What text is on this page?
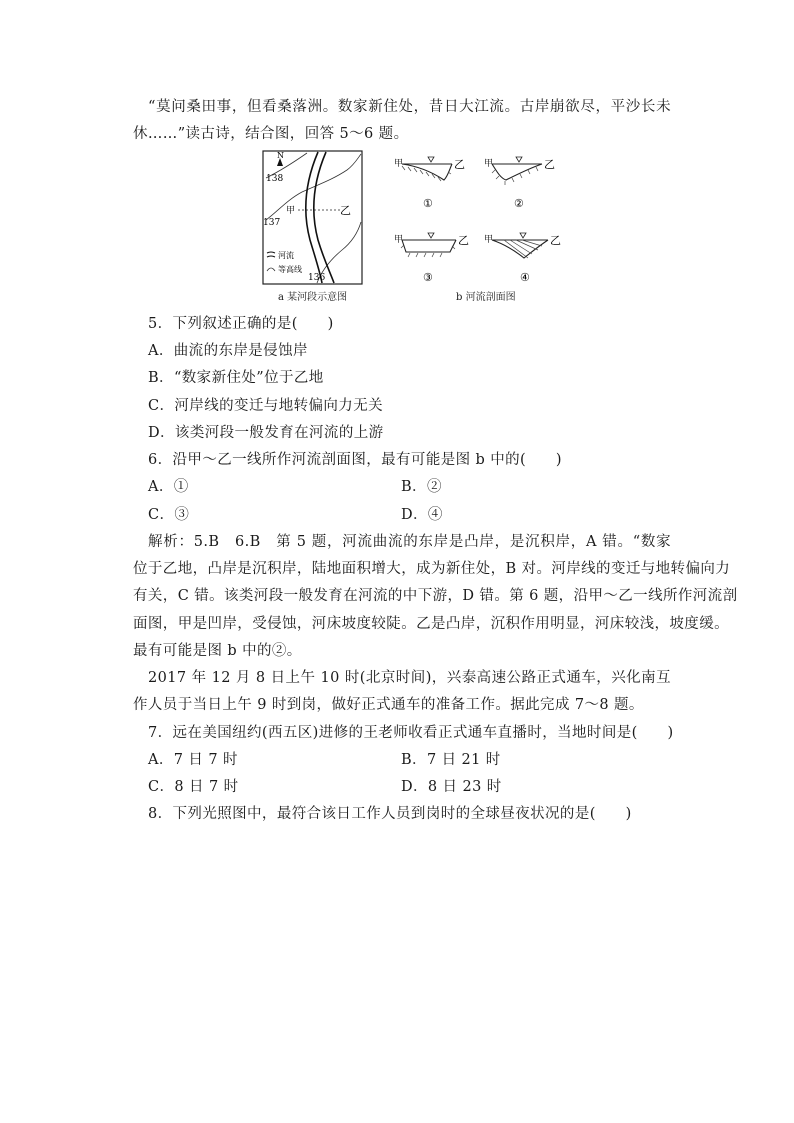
“莫问桑田事，但看桑落洲。数家新住处，昔日大江流。古岸崩欲尽，平沙长未
休……”读古诗，结合图，回答 5～6 题。
N
138
137
136
甲	乙
河流
等高线
a 某河段示意图
甲	乙
①
甲	乙
②
甲	乙
③
甲	乙
④
b 河流剖面图
5．下列叙述正确的是(　　)
A．曲流的东岸是侵蚀岸
B．“数家新住处”位于乙地
C．河岸线的变迁与地转偏向力无关
D．该类河段一般发育在河流的上游
6．沿甲～乙一线所作河流剖面图，最有可能是图 b 中的(　　)
A．①	B．②
C．③	D．④
解析：5.B　6.B　第 5 题，河流曲流的东岸是凸岸，是沉积岸，A 错。“数家
位于乙地，凸岸是沉积岸，陆地面积增大，成为新住处，B 对。河岸线的变迁与地转偏向力
有关，C 错。该类河段一般发育在河流的中下游，D 错。第 6 题，沿甲～乙一线所作河流剖
面图，甲是凹岸，受侵蚀，河床坡度较陡。乙是凸岸，沉积作用明显，河床较浅，坡度缓。
最有可能是图 b 中的②。
2017 年 12 月 8 日上午 10 时(北京时间)，兴泰高速公路正式通车，兴化南互
作人员于当日上午 9 时到岗，做好正式通车的准备工作。据此完成 7～8 题。
7．远在美国纽约(西五区)进修的王老师收看正式通车直播时，当地时间是(　　)
A．7 日 7 时	B．7 日 21 时
C．8 日 7 时	D．8 日 23 时
8．下列光照图中，最符合该日工作人员到岗时的全球昼夜状况的是(　　)
